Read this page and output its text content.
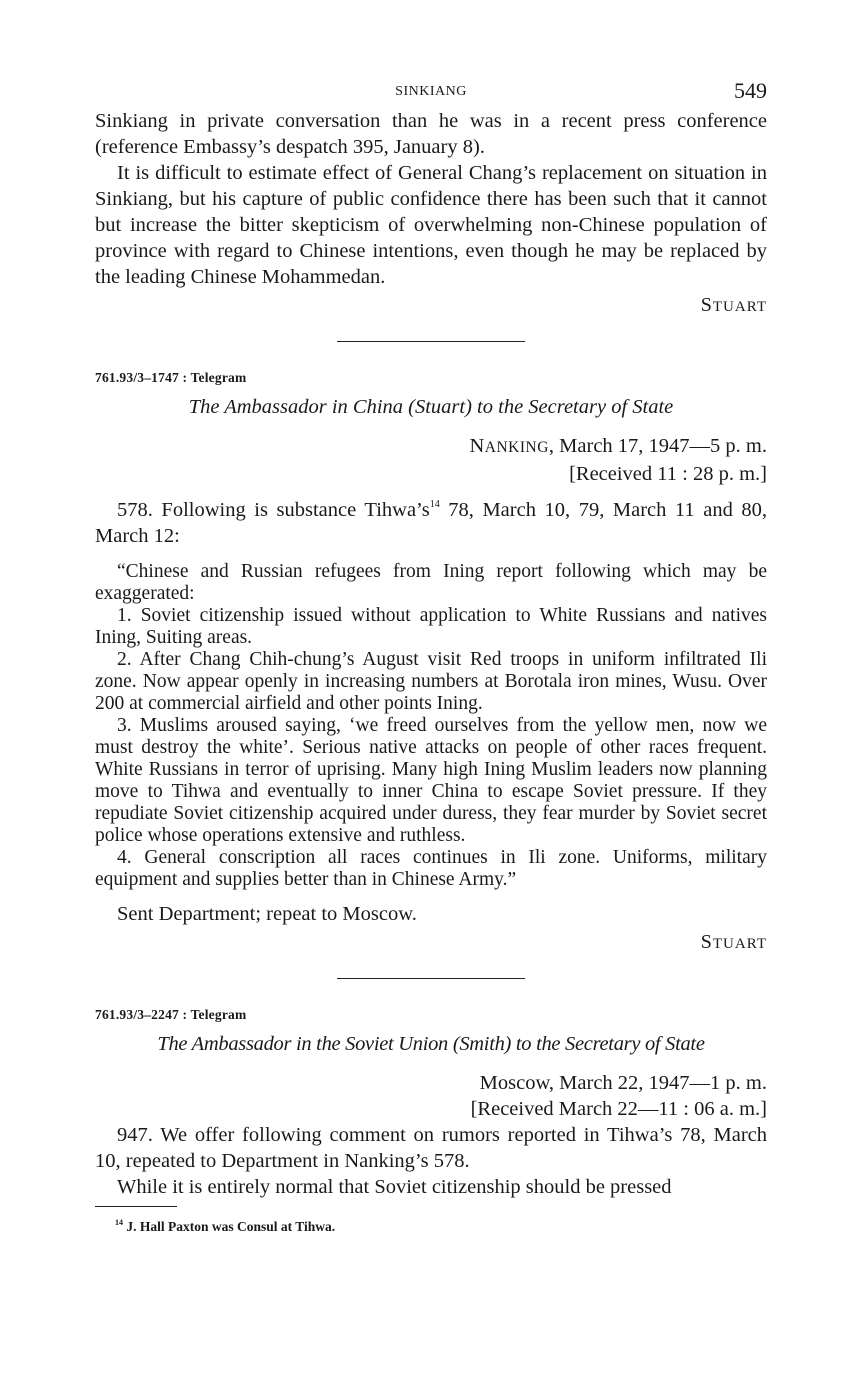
SINKIANG	549

Sinkiang in private conversation than he was in a recent press conference (reference Embassy’s despatch 395, January 8).

It is difficult to estimate effect of General Chang’s replacement on situation in Sinkiang, but his capture of public confidence there has been such that it cannot but increase the bitter skepticism of overwhelming non-Chinese population of province with regard to Chinese intentions, even though he may be replaced by the leading Chinese Mohammedan.

STUART
761.93/3–1747 : Telegram
The Ambassador in China (Stuart) to the Secretary of State
NANKING, March 17, 1947—5 p. m.
[Received 11 : 28 p. m.]

578. Following is substance $Tihwa’s^{14}$ 78, March 10, 79, March 11 and 80, March 12:

“Chinese and Russian refugees from Ining report following which may be exaggerated:

1. Soviet citizenship issued without application to White Russians and natives Ining, Suiting areas.

2. After Chang Chih-chung’s August visit Red troops in uniform infiltrated Ili zone. Now appear openly in increasing numbers at Borotala iron mines, Wusu. Over 200 at commercial airfield and other points Ining.

3. Muslims aroused saying, ‘we freed ourselves from the yellow men, now we must destroy the white’. Serious native attacks on people of other races frequent. White Russians in terror of uprising. Many high Ining Muslim leaders now planning move to Tihwa and eventually to inner China to escape Soviet pressure. If they repudiate Soviet citizenship acquired under duress, they fear murder by Soviet secret police whose operations extensive and ruthless.

4. General conscription all races continues in Ili zone. Uniforms, military equipment and supplies better than in Chinese Army.”

Sent Department; repeat to Moscow.

STUART
761.93/3–2247 : Telegram
The Ambassador in the Soviet Union (Smith) to the Secretary of State
Moscow, March 22, 1947—1 p. m.
[Received March 22—11 : 06 a. m.]

947. We offer following comment on rumors reported in Tihwa’s 78, March 10, repeated to Department in Nanking’s 578.

While it is entirely normal that Soviet citizenship should be pressed

$^{14}$ J. Hall Paxton was Consul at Tihwa.
